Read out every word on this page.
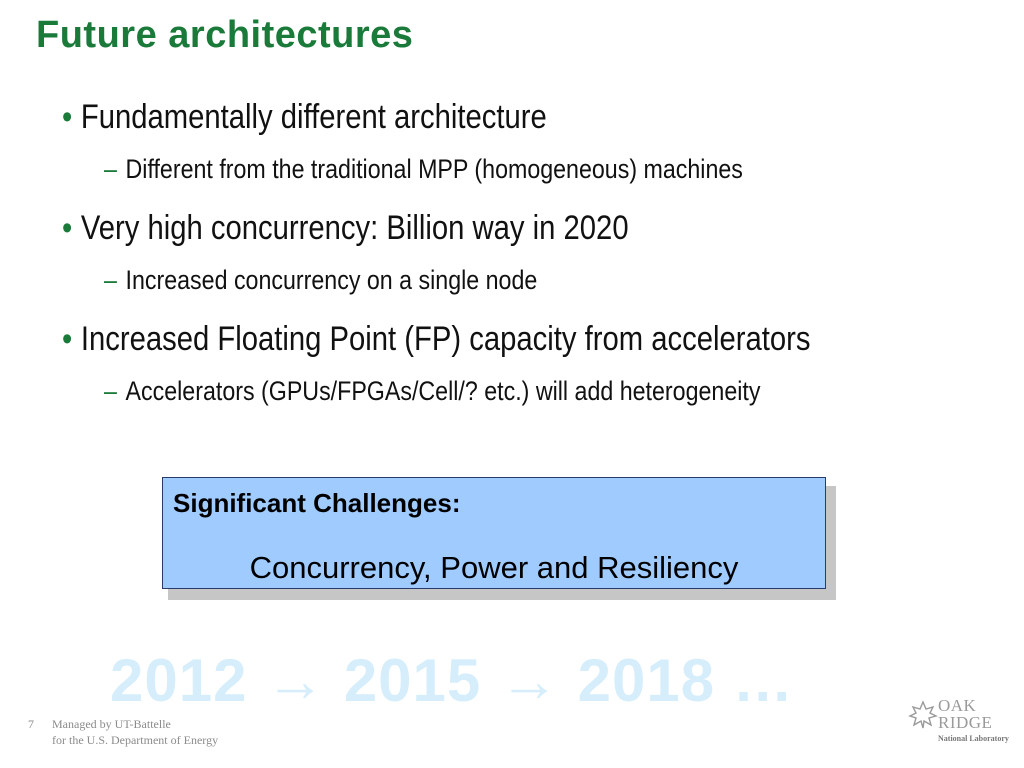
Future architectures
• Fundamentally different architecture
– Different from the traditional MPP (homogeneous) machines
• Very high concurrency: Billion way in 2020
– Increased concurrency on a single node
• Increased Floating Point (FP) capacity from accelerators
– Accelerators (GPUs/FPGAs/Cell/? etc.) will add heterogeneity
Significant Challenges:
Concurrency, Power and Resiliency
2012 → 2015 → 2018 …
7 Managed by UT-Battelle
for the U.S. Department of Energy
OAK
RIDGE
National Laboratory
